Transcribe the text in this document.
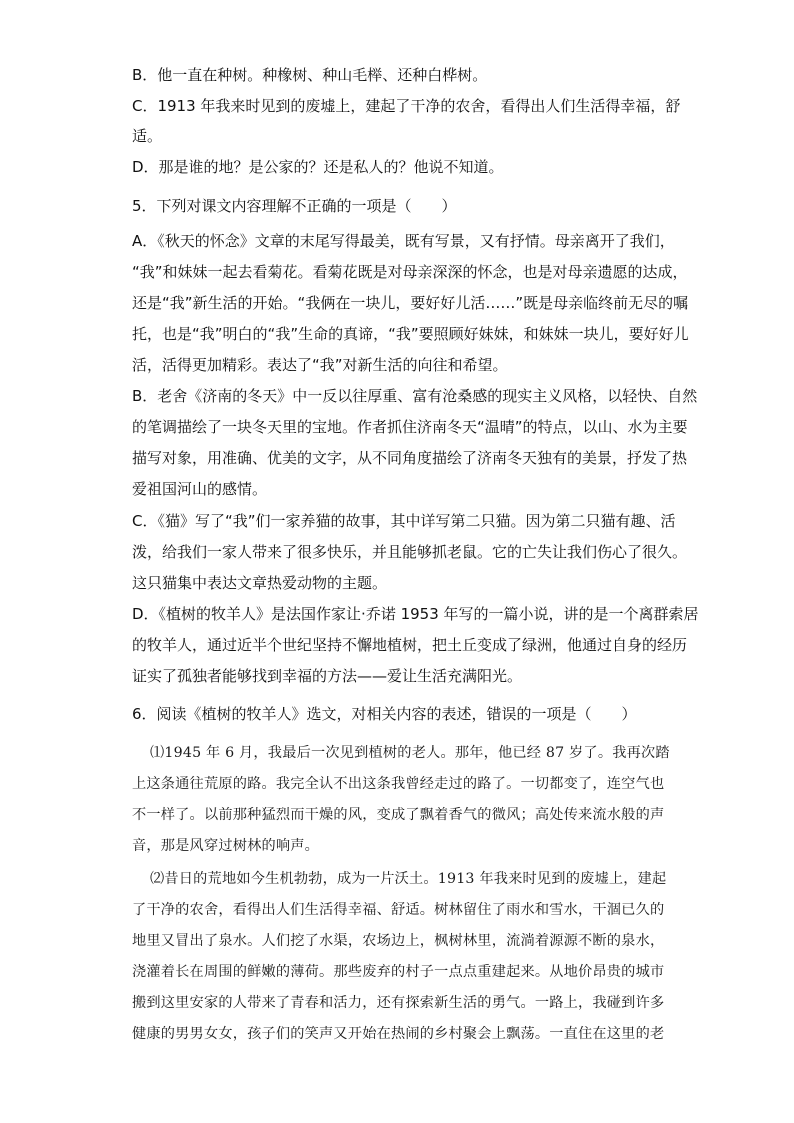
B．他一直在种树。种橡树、种山毛榉、还种白桦树。
C．1913 年我来时见到的废墟上，建起了干净的农舍，看得出人们生活得幸福，舒
适。
D．那是谁的地？是公家的？还是私人的？他说不知道。
5．下列对课文内容理解不正确的一项是（　　）
A．《秋天的怀念》文章的末尾写得最美，既有写景，又有抒情。母亲离开了我们，
“我”和妹妹一起去看菊花。看菊花既是对母亲深深的怀念，也是对母亲遗愿的达成，
还是“我”新生活的开始。“我俩在一块儿，要好好儿活……”既是母亲临终前无尽的嘱
托，也是“我”明白的“我”生命的真谛，“我”要照顾好妹妹，和妹妹一块儿，要好好儿
活，活得更加精彩。表达了“我”对新生活的向往和希望。
B．老舍《济南的冬天》中一反以往厚重、富有沧桑感的现实主义风格，以轻快、自然
的笔调描绘了一块冬天里的宝地。作者抓住济南冬天“温晴”的特点，以山、水为主要
描写对象，用准确、优美的文字，从不同角度描绘了济南冬天独有的美景，抒发了热
爱祖国河山的感情。
C．《猫》写了“我”们一家养猫的故事，其中详写第二只猫。因为第二只猫有趣、活
泼，给我们一家人带来了很多快乐，并且能够抓老鼠。它的亡失让我们伤心了很久。
这只猫集中表达文章热爱动物的主题。
D．《植树的牧羊人》是法国作家让·乔诺 1953 年写的一篇小说，讲的是一个离群索居
的牧羊人，通过近半个世纪坚持不懈地植树，把土丘变成了绿洲，他通过自身的经历
证实了孤独者能够找到幸福的方法——爱让生活充满阳光。
6．阅读《植树的牧羊人》选文，对相关内容的表述，错误的一项是（　　）
⑴1945 年 6 月，我最后一次见到植树的老人。那年，他已经 87 岁了。我再次踏
上这条通往荒原的路。我完全认不出这条我曾经走过的路了。一切都变了，连空气也
不一样了。以前那种猛烈而干燥的风，变成了飘着香气的微风；高处传来流水般的声
音，那是风穿过树林的响声。
⑵昔日的荒地如今生机勃勃，成为一片沃土。1913 年我来时见到的废墟上，建起
了干净的农舍，看得出人们生活得幸福、舒适。树林留住了雨水和雪水，干涸已久的
地里又冒出了泉水。人们挖了水渠，农场边上，枫树林里，流淌着源源不断的泉水，
浇灌着长在周围的鲜嫩的薄荷。那些废弃的村子一点点重建起来。从地价昂贵的城市
搬到这里安家的人带来了青春和活力，还有探索新生活的勇气。一路上，我碰到许多
健康的男男女女，孩子们的笑声又开始在热闹的乡村聚会上飘荡。一直住在这里的老
